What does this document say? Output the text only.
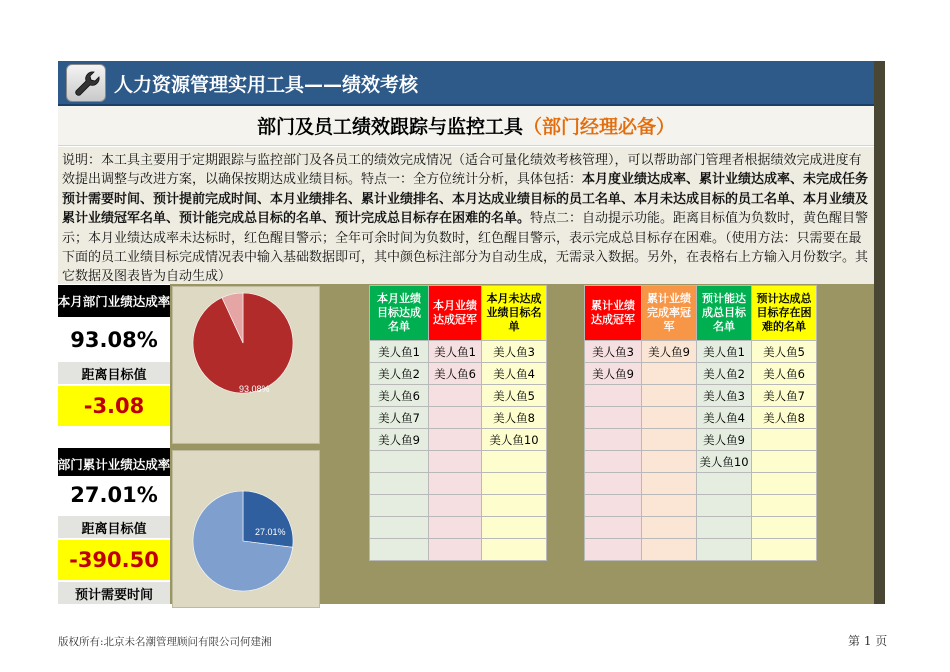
人力资源管理实用工具——绩效考核
部门及员工绩效跟踪与监控工具（部门经理必备）
说明：本工具主要用于定期跟踪与监控部门及各员工的绩效完成情况（适合可量化绩效考核管理），可以帮助部门管理者根据绩效完成进度有效提出调整与改进方案，以确保按期达成业绩目标。特点一：全方位统计分析，具体包括：本月度业绩达成率、累计业绩达成率、未完成任务预计需要时间、预计提前完成时间、本月业绩排名、累计业绩排名、本月达成业绩目标的员工名单、本月未达成目标的员工名单、本月业绩及累计业绩冠军名单、预计能完成总目标的名单、预计完成总目标存在困难的名单。特点二：自动提示功能。距离目标值为负数时，黄色醒目警示；本月业绩达成率未达标时，红色醒目警示；全年可余时间为负数时，红色醒目警示，表示完成总目标存在困难。（使用方法：只需要在最下面的员工业绩目标完成情况表中输入基础数据即可，其中颜色标注部分为自动生成，无需录入数据。另外，在表格右上方输入月份数字。其它数据及图表皆为自动生成）
本月部门业绩达成率
93.08%
距离目标值
-3.08
部门累计业绩达成率
27.01%
距离目标值
-390.50
预计需要时间
93.08%
27.01%
本月业绩目标达成名单	本月业绩达成冠军	本月未达成业绩目标名单
美人鱼1	美人鱼1	美人鱼3
美人鱼2	美人鱼6	美人鱼4
美人鱼6		美人鱼5
美人鱼7		美人鱼8
美人鱼9		美人鱼10

累计业绩达成冠军	累计业绩完成率冠军	预计能达成总目标名单	预计达成总目标存在困难的名单
美人鱼3	美人鱼9	美人鱼1	美人鱼5
美人鱼9		美人鱼2	美人鱼6
		美人鱼3	美人鱼7
		美人鱼4	美人鱼8
		美人鱼9	
		美人鱼10	

版权所有:北京未名潮管理顾问有限公司何建湘	第 1 页
